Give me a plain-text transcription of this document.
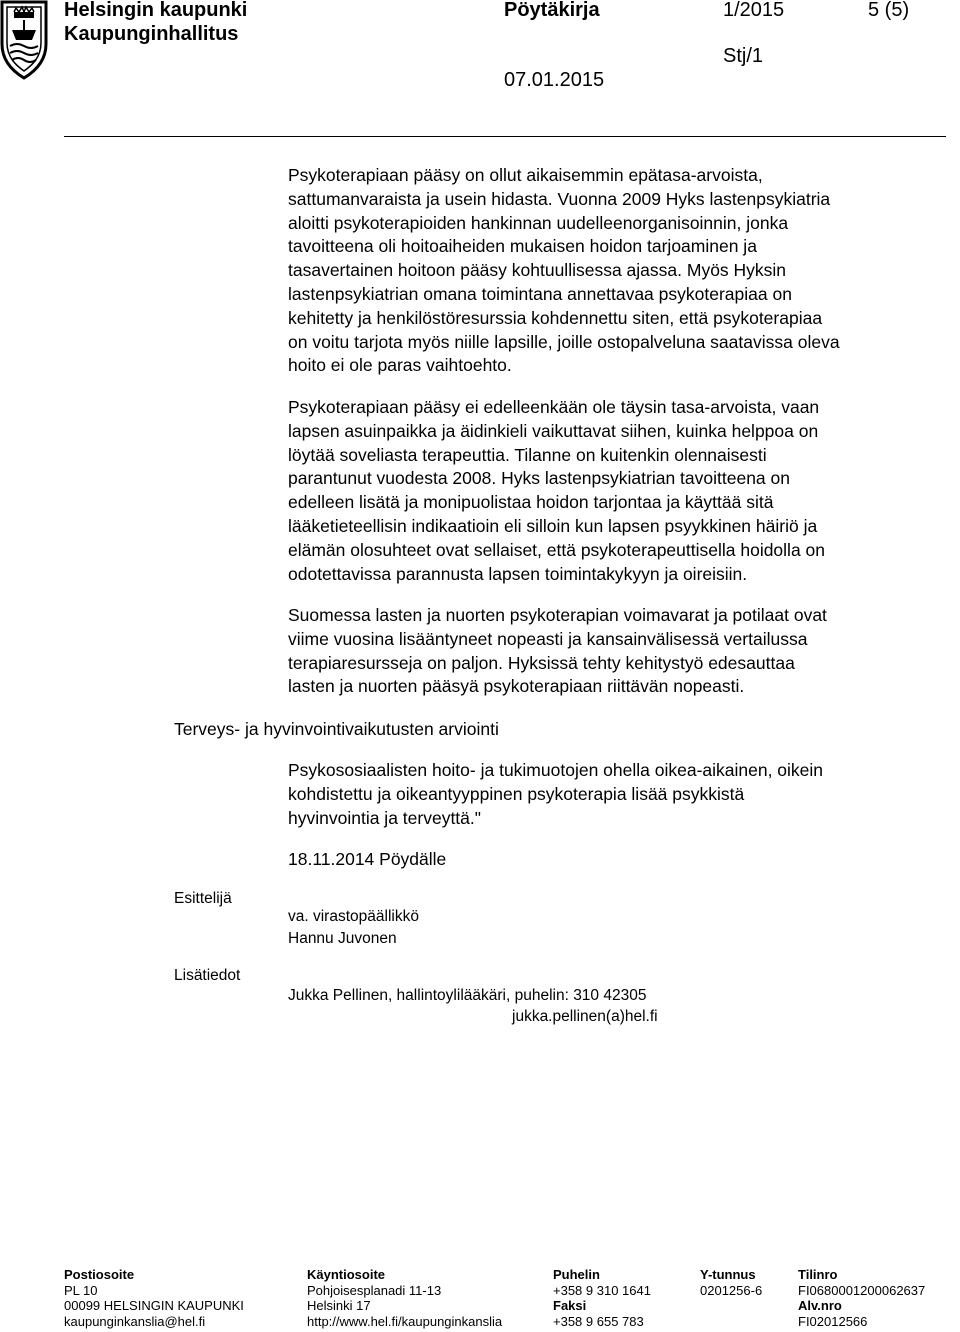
Helsingin kaupunki
Kaupunginhallitus
Pöytäkirja	1/2015	5 (5)
Stj/1
07.01.2015

Psykoterapiaan pääsy on ollut aikaisemmin epätasa-arvoista,
sattumanvaraista ja usein hidasta. Vuonna 2009 Hyks lastenpsykiatria
aloitti psykoterapioiden hankinnan uudelleenorganisoinnin, jonka
tavoitteena oli hoitoaiheiden mukaisen hoidon tarjoaminen ja
tasavertainen hoitoon pääsy kohtuullisessa ajassa. Myös Hyksin
lastenpsykiatrian omana toimintana annettavaa psykoterapiaa on
kehitetty ja henkilöstöresurssia kohdennettu siten, että psykoterapiaa
on voitu tarjota myös niille lapsille, joille ostopalveluna saatavissa oleva
hoito ei ole paras vaihtoehto.

Psykoterapiaan pääsy ei edelleenkään ole täysin tasa-arvoista, vaan
lapsen asuinpaikka ja äidinkieli vaikuttavat siihen, kuinka helppoa on
löytää soveliasta terapeuttia. Tilanne on kuitenkin olennaisesti
parantunut vuodesta 2008. Hyks lastenpsykiatrian tavoitteena on
edelleen lisätä ja monipuolistaa hoidon tarjontaa ja käyttää sitä
lääketieteellisin indikaatioin eli silloin kun lapsen psyykkinen häiriö ja
elämän olosuhteet ovat sellaiset, että psykoterapeuttisella hoidolla on
odotettavissa parannusta lapsen toimintakykyyn ja oireisiin.

Suomessa lasten ja nuorten psykoterapian voimavarat ja potilaat ovat
viime vuosina lisääntyneet nopeasti ja kansainvälisessä vertailussa
terapiaresursseja on paljon. Hyksissä tehty kehitystyö edesauttaa
lasten ja nuorten pääsyä psykoterapiaan riittävän nopeasti.

Terveys- ja hyvinvointivaikutusten arviointi

Psykososiaalisten hoito- ja tukimuotojen ohella oikea-aikainen, oikein
kohdistettu ja oikeantyyppinen psykoterapia lisää psykkistä
hyvinvointia ja terveyttä."

18.11.2014 Pöydälle
Esittelijä
va. virastopäällikkö
Hannu Juvonen
Lisätiedot
Jukka Pellinen, hallintoylilääkäri, puhelin: 310 42305
jukka.pellinen(a)hel.fi
Postiosoite
PL 10
00099 HELSINGIN KAUPUNKI
kaupunginkanslia@hel.fi
Käyntiosoite
Pohjoisesplanadi 11-13
Helsinki 17
http://www.hel.fi/kaupunginkanslia
Puhelin
+358 9 310 1641
Faksi
+358 9 655 783
Y-tunnus
0201256-6
Tilinro
FI0680001200062637
Alv.nro
FI02012566
